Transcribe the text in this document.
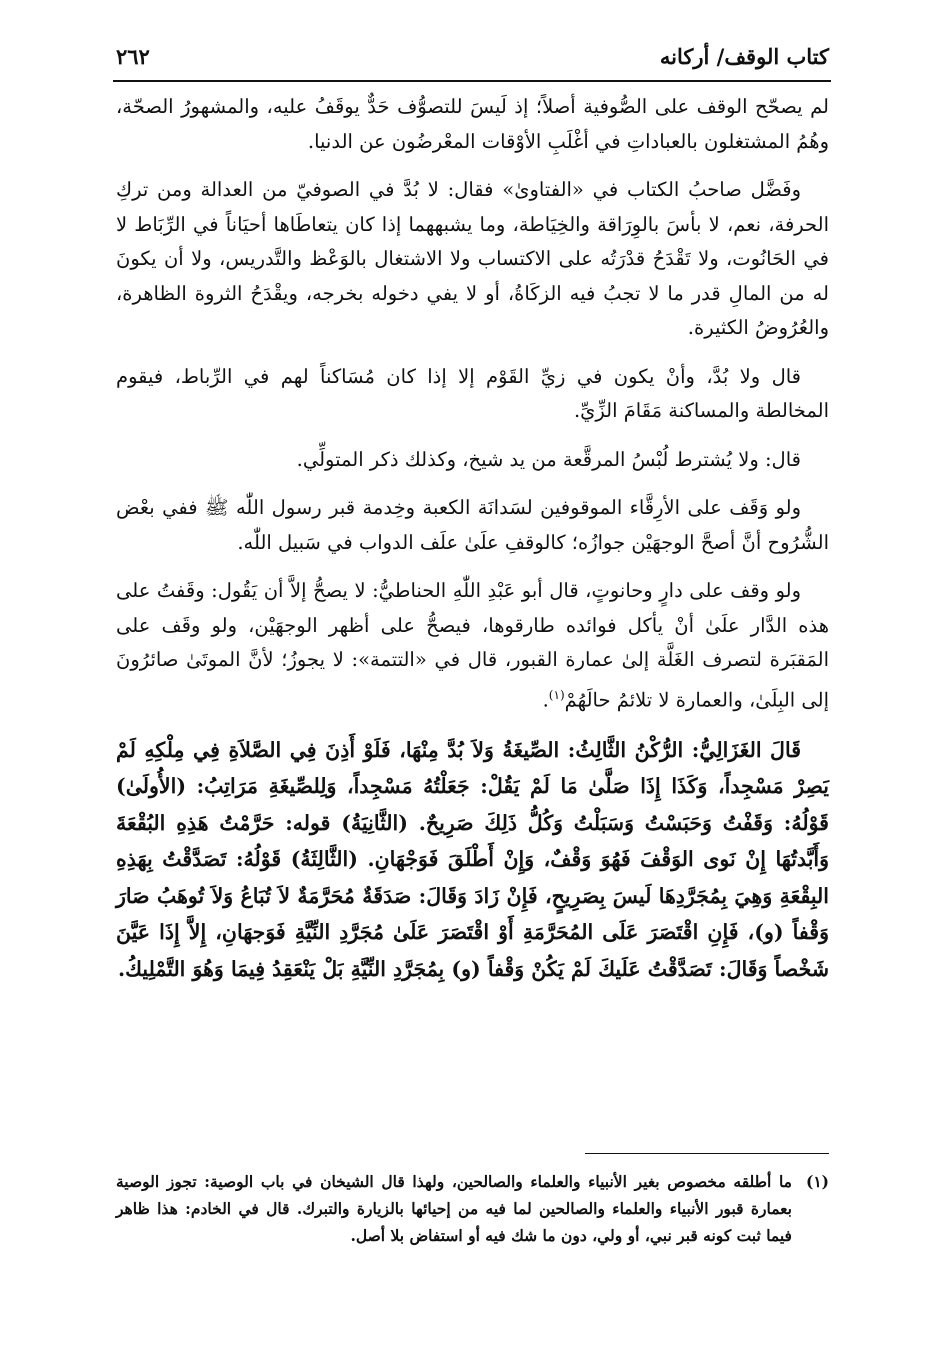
كتاب الوقف/ أركانه
٢٦٢

لم يصحّح الوقف على الصُّوفية أصلاً؛ إذ لَيسَ للتصوُّف حَدٌّ يوقَفُ عليه، والمشهورُ الصحّة، وهُمُ المشتغلون بالعباداتِ في أغْلَبِ الأوْقات المعْرضُون عن الدنيا.

وفَضَّل صاحبُ الكتاب في «الفتاوىٰ» فقال: لا بُدَّ في الصوفيّ من العدالة ومن تركِ الحرفة، نعم، لا بأسَ بالوِرَاقة والخِيَاطة، وما يشبههما إذا كان يتعاطَاها أحيَاناً في الرِّبَاط لا في الحَانُوت، ولا تَقْدَحُ قدْرَتُه على الاكتساب ولا الاشتغال بالوَعْظ والتَّدريس، ولا أن يكونَ له من المالِ قدر ما لا تجبُ فيه الزكَاةُ، أو لا يفي دخوله بخرجه، ويقْدَحُ الثروة الظاهرة، والعُرُوضُ الكثيرة.

قال ولا بُدَّ، وأنْ يكون في زيِّ القَوْم إلا إذا كان مُسَاكناً لهم في الرِّباط، فيقوم المخالطة والمساكنة مَقَامَ الزِّيِّ.

قال: ولا يُشترط لُبْسُ المرقَّعة من يد شيخ، وكذلك ذكر المتولِّي.

ولو وَقَف على الأرِقَّاء الموقوفين لسَدانَة الكعبة وخِدمة قبر رسول اللّٰه ﷺ ففي بعْض الشُّرُوح أنَّ أصحَّ الوجهَيْن جوازُه؛ كالوقفِ علَىٰ علَف الدواب في سَبيل اللّٰه.

ولو وقف على دارٍ وحانوتٍ، قال أبو عَبْدِ اللّٰهِ الحناطيُّ: لا يصحُّ إلاَّ أن يَقُول: وقَفتُ على هذه الدَّار علَىٰ أنْ يأكل فوائده طارقوها، فيصحُّ على أظهر الوجهَيْن، ولو وقَف على المَقبَرة لتصرف الغَلَّة إلىٰ عمارة القبور، قال في «التتمة»: لا يجوزُ؛ لأنَّ الموتَىٰ صائرُونَ إلى البِلَىٰ، والعمارة لا تلائمُ حالَهُمْ$^{(١)}$.

قَالَ الغَزَالِيُّ: الرُّكْنُ الثَّالِثُ: الصِّيغَةُ وَلاَ بُدَّ مِنْهَا، فَلَوْ أَذِنَ فِي الصَّلاَةِ فِي مِلْكِهِ لَمْ يَصِرْ مَسْجِداً، وَكَذَا إِذَا صَلَّىٰ مَا لَمْ يَقُلْ: جَعَلْتُهُ مَسْجِداً، وَلِلصِّيغَةِ مَرَاتِبُ: (الأُولَىٰ) قَوْلُهُ: وَقَفْتُ وَحَبَسْتُ وَسَبَلْتُ وَكُلُّ ذَلِكَ صَرِيحٌ. (الثَّانِيَةُ) قوله: حَرَّمْتُ هَذِهِ البُقْعَةَ وَأَبَّدتُهَا إِنْ نَوى الوَقْفَ فَهُوَ وَقْفٌ، وَإِنْ أَطْلَقَ فَوَجْهَانِ. (الثَّالِثَةُ) قَوْلُهُ: تَصَدَّقْتُ بِهَذِهِ البِقْعَةِ وَهِيَ بِمُجَرَّدِهَا لَيسَ بِصَرِيحٍ، فَإِنْ زَادَ وَقَالَ: صَدَقَةٌ مُحَرَّمَةٌ لاَ تُبَاعُ وَلاَ تُوهَبُ صَارَ وَقْفاً (و)، فَإِنِ اقْتَصَرَ عَلَى المُحَرَّمَةِ أَوْ اقْتَصَرَ عَلَىٰ مُجَرَّدِ النِّيَّةِ فَوَجهَانِ، إِلاَّ إِذَا عَيَّنَ شَخْصاً وَقَالَ: تَصَدَّقْتُ عَلَيكَ لَمْ يَكُنْ وَقْفاً (و) بِمُجَرَّدِ النِّيَّةِ بَلْ يَنْعَقِدُ فِيمَا وَهُوَ التَّمْلِيكُ.

(١)
ما أطلقه مخصوص بغير الأنبياء والعلماء والصالحين، ولهذا قال الشيخان في باب الوصية: تجوز الوصية بعمارة قبور الأنبياء والعلماء والصالحين لما فيه من إحيائها بالزيارة والتبرك. قال في الخادم: هذا ظاهر فيما ثبت كونه قبر نبي، أو ولي، دون ما شك فيه أو استفاض بلا أصل.
